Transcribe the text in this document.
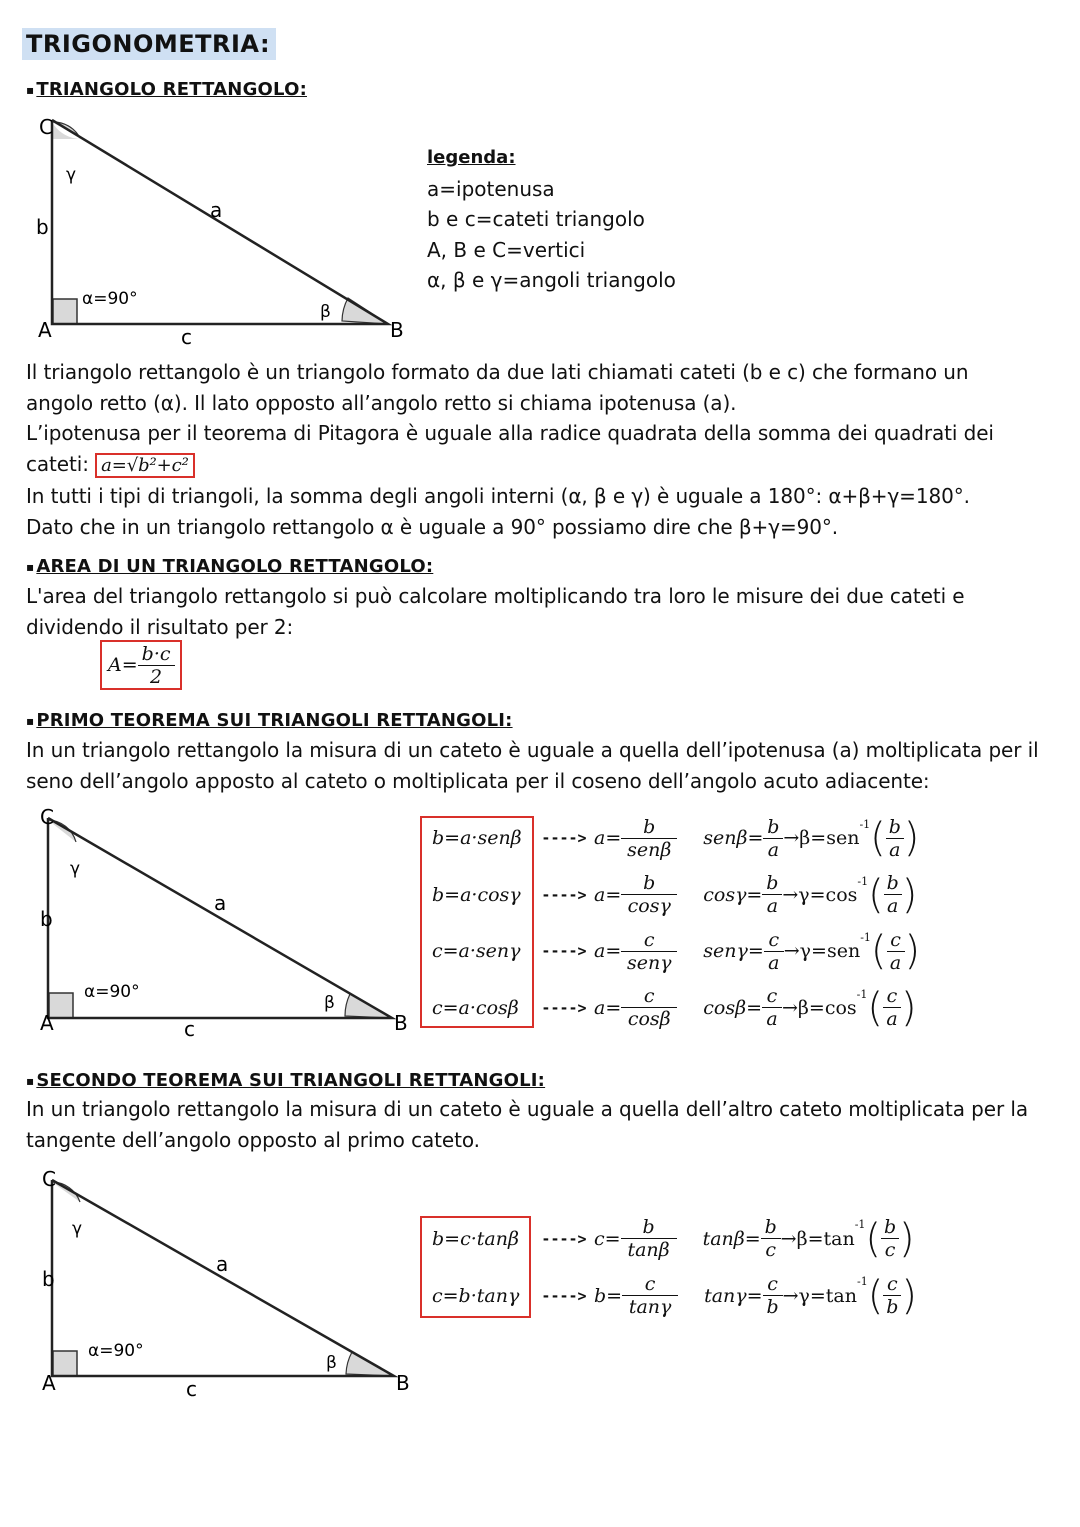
TRIGONOMETRIA:
▪ TRIANGOLO RETTANGOLO:
C
A	B
b
a
c
γ
β
α=90°
legenda:
a=ipotenusa
b e c=cateti triangolo
A, B e C=vertici
α, β e γ=angoli triangolo
Il triangolo rettangolo è un triangolo formato da due lati chiamati cateti (b e c) che formano un
angolo retto (α). Il lato opposto all’angolo retto si chiama ipotenusa (a).
L’ipotenusa per il teorema di Pitagora è uguale alla radice quadrata della somma dei quadrati dei
cateti: a=√b²+c²
In tutti i tipi di triangoli, la somma degli angoli interni (α, β e γ) è uguale a 180°: α+β+γ=180°.
Dato che in un triangolo rettangolo α è uguale a 90° possiamo dire che β+γ=90°.
▪ AREA DI UN TRIANGOLO RETTANGOLO:
L'area del triangolo rettangolo si può calcolare moltiplicando tra loro le misure dei due cateti e
dividendo il risultato per 2:
$A= \frac{b\cdot c}{2}$
▪ PRIMO TEOREMA SUI TRIANGOLI RETTANGOLI:
In un triangolo rettangolo la misura di un cateto è uguale a quella dell’ipotenusa (a) moltiplicata per il
seno dell’angolo apposto al cateto o moltiplicata per il coseno dell’angolo acuto adiacente:
C
A	B
b
a
c
γ
β
α=90°
b=a·senβ	----> $a= \frac{b}{\text{senβ}} sen\beta= \frac{b}{a} \to\beta=sen$
$^{-1}$ ( $\frac{b}{a}$ )
b=a·cosγ	----> $a= \frac{b}{\cos\gamma} \cos\gamma= \frac{b}{a} \to\gamma=\cos$
$^{-1}$ ( $\frac{b}{a}$ )
c=a·senγ	----> $a= \frac{c}{\text{senγ}} sen\gamma= \frac{c}{a} \to\gamma=sen$
$^{-1}$ ( $\frac{c}{a}$ )
c=a·cosβ	----> $a= \frac{c}{\cos\beta} \cos\beta= \frac{c}{a} \to\beta=\cos$
$^{-1}$ ( $\frac{c}{a}$ )
▪ SECONDO TEOREMA SUI TRIANGOLI RETTANGOLI:
In un triangolo rettangolo la misura di un cateto è uguale a quella dell’altro cateto moltiplicata per la
tangente dell’angolo opposto al primo cateto.
C
A	B
b
a
c
γ
β
α=90°
b=c·tanβ	----> $c= \frac{b}{\tan\beta} \tan\beta= \frac{b}{c} \to\beta=\tan$
$^{-1}$ ( $\frac{b}{c}$ )
c=b·tanγ	----> $b= \frac{c}{\tan\gamma} \tan\gamma= \frac{c}{b} \to\gamma=\tan$
$^{-1}$ ( $\frac{c}{b}$ )
